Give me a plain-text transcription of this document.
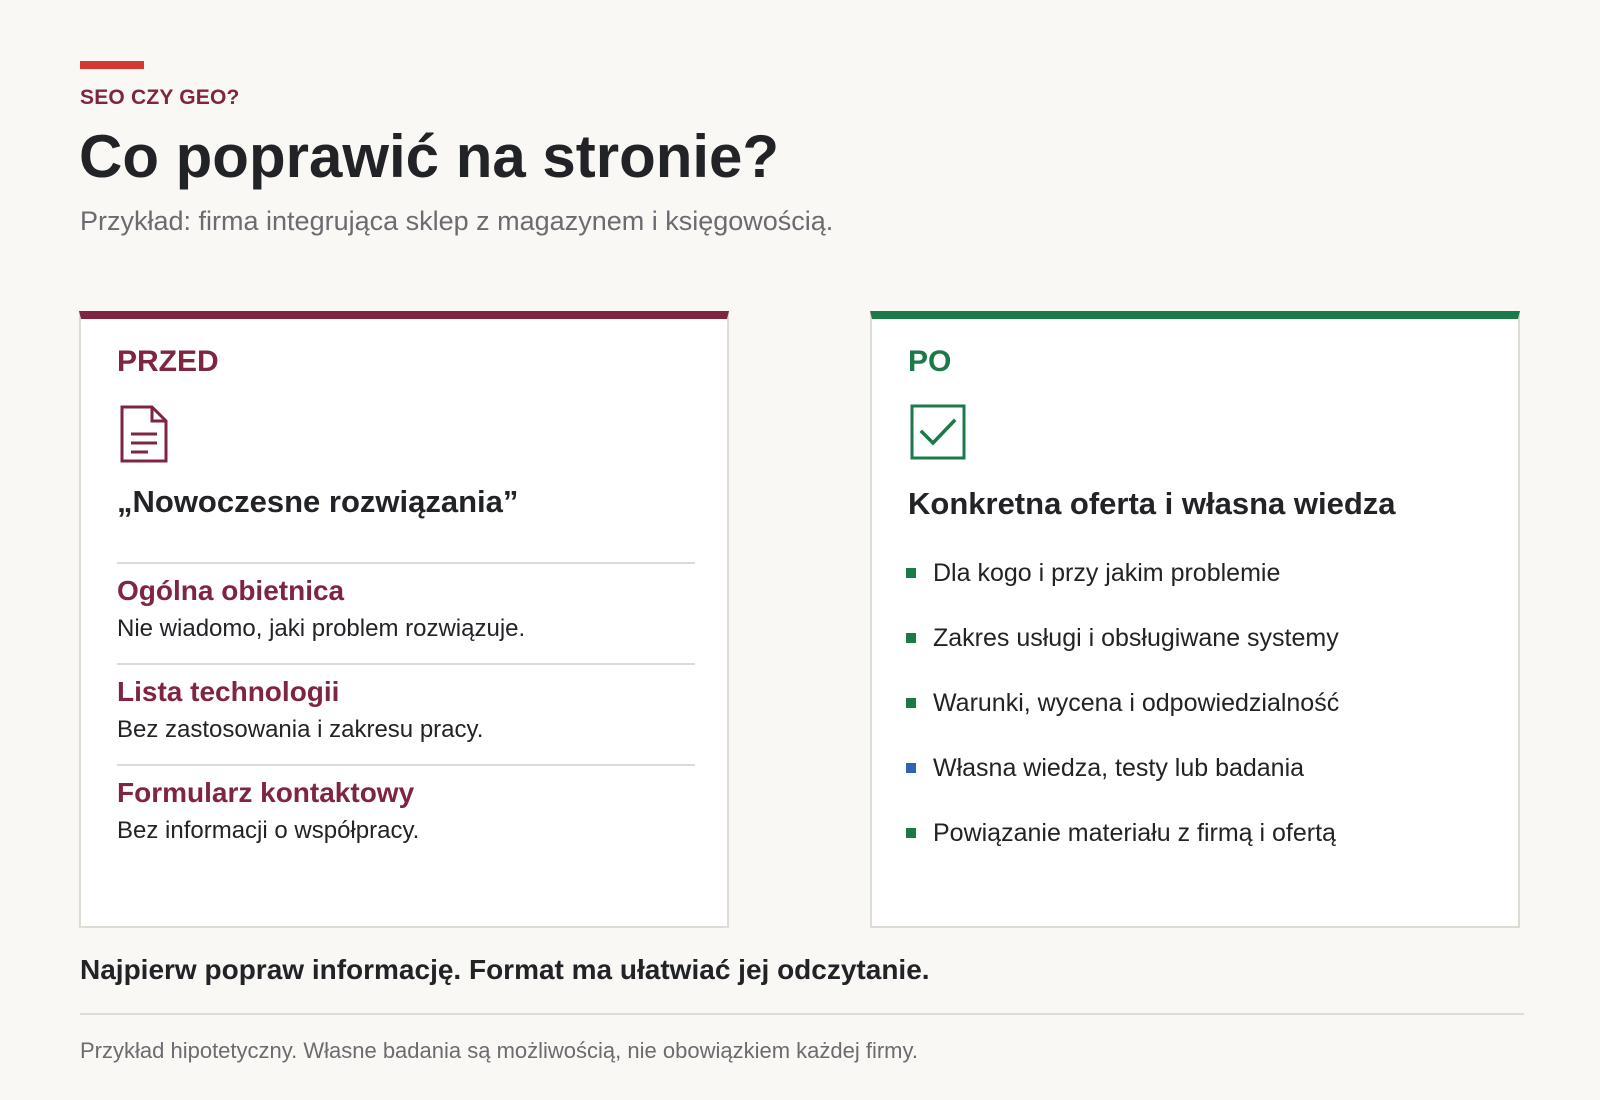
SEO CZY GEO?
Co poprawić na stronie?
Przykład: firma integrująca sklep z magazynem i księgowością.
PRZED
„Nowoczesne rozwiązania”
Ogólna obietnica
Nie wiadomo, jaki problem rozwiązuje.
Lista technologii
Bez zastosowania i zakresu pracy.
Formularz kontaktowy
Bez informacji o współpracy.
PO
Konkretna oferta i własna wiedza
Dla kogo i przy jakim problemie
Zakres usługi i obsługiwane systemy
Warunki, wycena i odpowiedzialność
Własna wiedza, testy lub badania
Powiązanie materiału z firmą i ofertą
Najpierw popraw informację. Format ma ułatwiać jej odczytanie.
Przykład hipotetyczny. Własne badania są możliwością, nie obowiązkiem każdej firmy.
